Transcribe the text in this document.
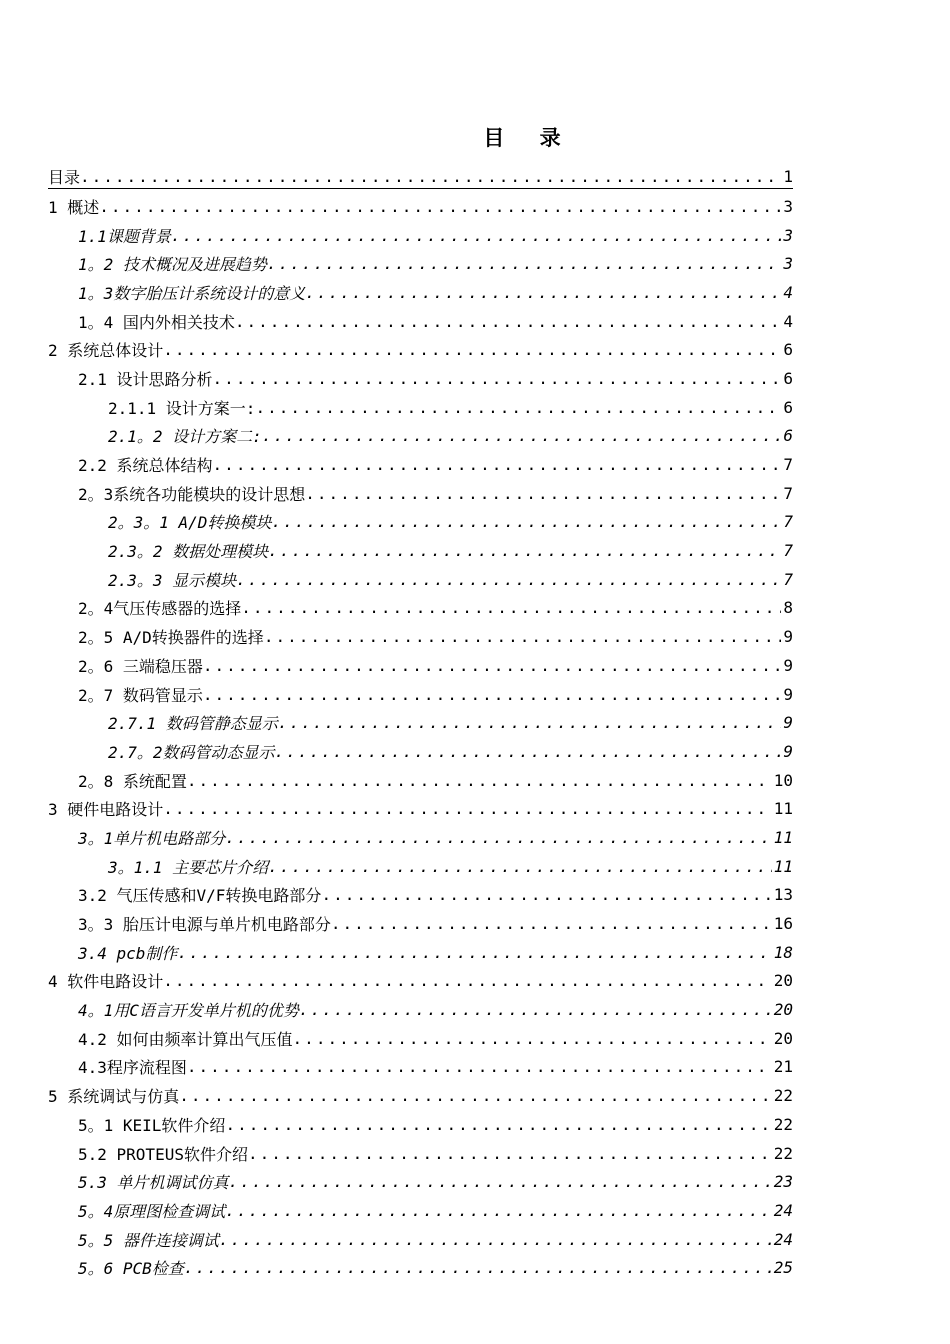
目 录
目录 .....	1
1 概述 .....	3
1.1课题背景 .....	3
1。2 技术概况及进展趋势 .....	3
1。3数字胎压计系统设计的意义 .....	4
1。4 国内外相关技术 .....	4
2 系统总体设计 .....	6
2.1 设计思路分析 .....	6
2.1.1 设计方案一: .....	6
2.1。2 设计方案二: .....	6
2.2 系统总体结构 .....	7
2。3系统各功能模块的设计思想 .....	7
2。3。1 A/D转换模块 .....	7
2.3。2 数据处理模块 .....	7
2.3。3 显示模块 .....	7
2。4气压传感器的选择 .....	8
2。5 A/D转换器件的选择 .....	9
2。6 三端稳压器 .....	9
2。7 数码管显示 .....	9
2.7.1 数码管静态显示 .....	9
2.7。2数码管动态显示 .....	9
2。8 系统配置 .....	10
3 硬件电路设计 .....	11
3。1单片机电路部分 .....	11
3。1.1 主要芯片介绍 .....	11
3.2 气压传感和V/F转换电路部分 .....	13
3。3 胎压计电源与单片机电路部分 .....	16
3.4 pcb制作 .....	18
4 软件电路设计 .....	20
4。1用C语言开发单片机的优势 .....	20
4.2 如何由频率计算出气压值 .....	20
4.3程序流程图 .....	21
5 系统调试与仿真 .....	22
5。1 KEIL软件介绍 .....	22
5.2 PROTEUS软件介绍 .....	22
5.3 单片机调试仿真 .....	23
5。4原理图检查调试 .....	24
5。5 器件连接调试 .....	24
5。6 PCB检查 .....	25
